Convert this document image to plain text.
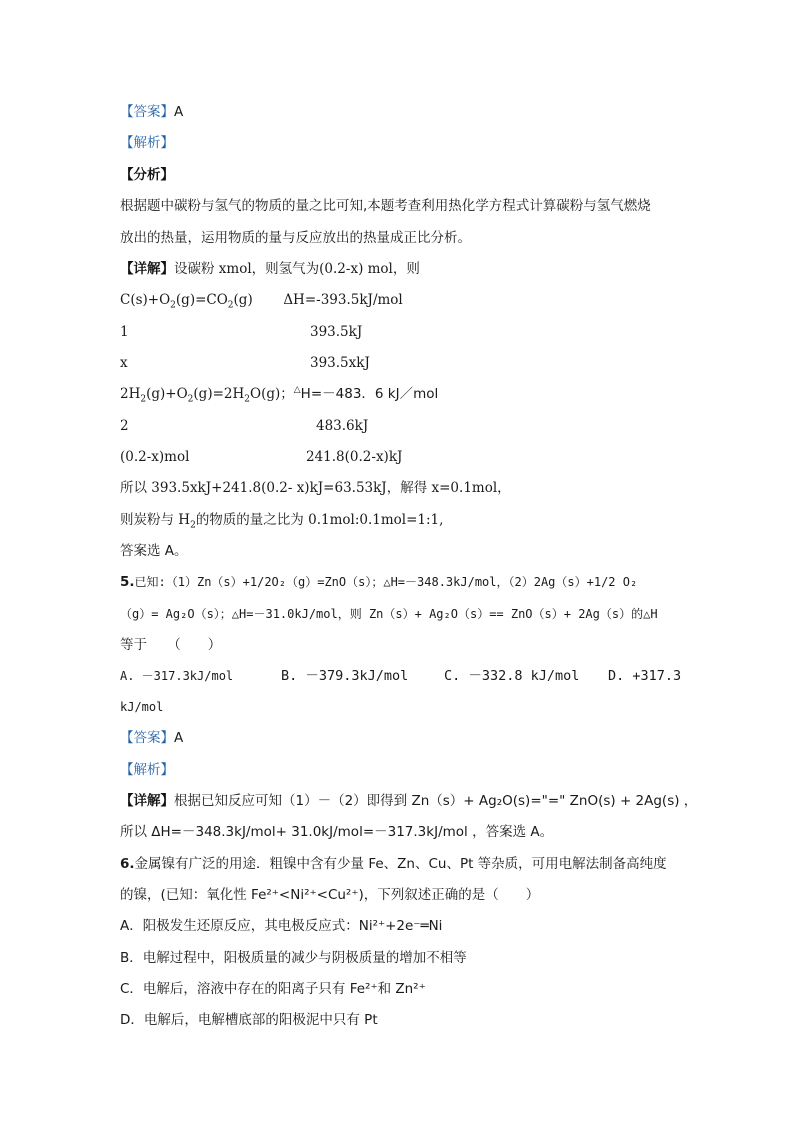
【答案】A
【解析】
【分析】
根据题中碳粉与氢气的物质的量之比可知,本题考查利用热化学方程式计算碳粉与氢气燃烧
放出的热量，运用物质的量与反应放出的热量成正比分析。
【详解】设碳粉 xmol，则氢气为(0.2-x) mol，则
$C(s)+O_2(g)=CO_2(g)$ ΔH=-393.5kJ/mol
1	393.5kJ
x	393.5xkJ
$2H_2(g)+O_2(g)=2H_2O(g)$；△H=－483．6 kJ／mol
2	483.6kJ
(0.2-x)mol	241.8(0.2-x)kJ
所以 393.5xkJ+241.8(0.2- x)kJ=63.53kJ，解得 x=0.1mol，
则炭粉与 $H_2$的物质的量之比为 0.1mol:0.1mol=1:1,
答案选 A。
5.已知:（1）Zn（s）+1/2O₂（g）=ZnO（s）；△H=－348.3kJ/mol，（2）2Ag（s）+1/2 O₂
（g）= Ag₂O（s）；△H=－31.0kJ/mol，则 Zn（s）+ Ag₂O（s）== ZnO（s）+ 2Ag（s）的△H
等于　　（　　）
A. －317.3kJ/mol	B. －379.3kJ/mol	C. －332.8 kJ/mol D. +317.3
kJ/mol
【答案】A
【解析】
【详解】根据已知反应可知（1）－（2）即得到 Zn（s）+ Ag₂O(s)="=" ZnO(s) + 2Ag(s) ，
所以 ΔH=－348.3kJ/mol+ 31.0kJ/mol=－317.3kJ/mol ，答案选 A。
6.金属镍有广泛的用途．粗镍中含有少量 Fe、Zn、Cu、Pt 等杂质，可用电解法制备高纯度
的镍，(已知：氧化性 Fe²⁺<Ni²⁺<Cu²⁺)，下列叙述正确的是（　　）
A．阳极发生还原反应，其电极反应式：Ni²⁺+2e⁻═Ni
B．电解过程中，阳极质量的减少与阴极质量的增加不相等
C．电解后，溶液中存在的阳离子只有 Fe²⁺和 Zn²⁺
D．电解后，电解槽底部的阳极泥中只有 Pt
